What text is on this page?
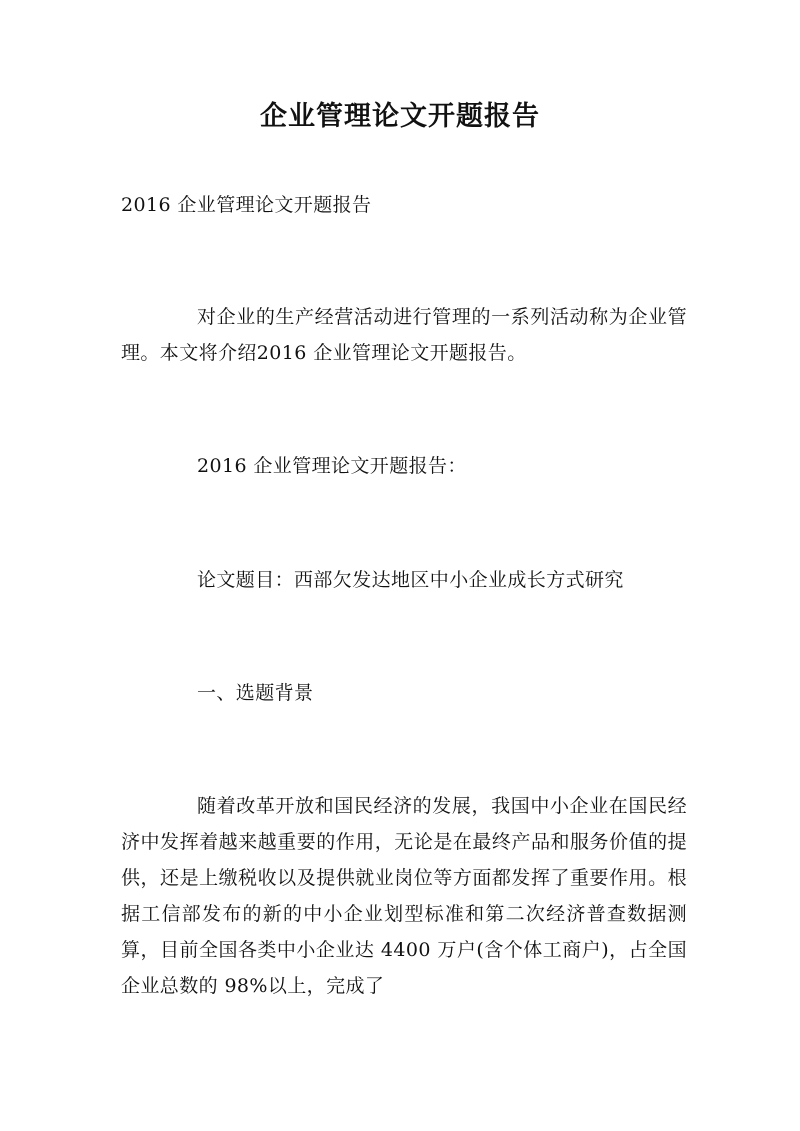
企业管理论文开题报告
2016 企业管理论文开题报告
对企业的生产经营活动进行管理的一系列活动称为企业管理。本文将介绍2016 企业管理论文开题报告。
2016 企业管理论文开题报告：
论文题目：西部欠发达地区中小企业成长方式研究
一、选题背景
随着改革开放和国民经济的发展，我国中小企业在国民经济中发挥着越来越重要的作用，无论是在最终产品和服务价值的提供，还是上缴税收以及提供就业岗位等方面都发挥了重要作用。根据工信部发布的新的中小企业划型标准和第二次经济普查数据测算，目前全国各类中小企业达 4400 万户(含个体工商户)，占全国企业总数的 98%以上，完成了
